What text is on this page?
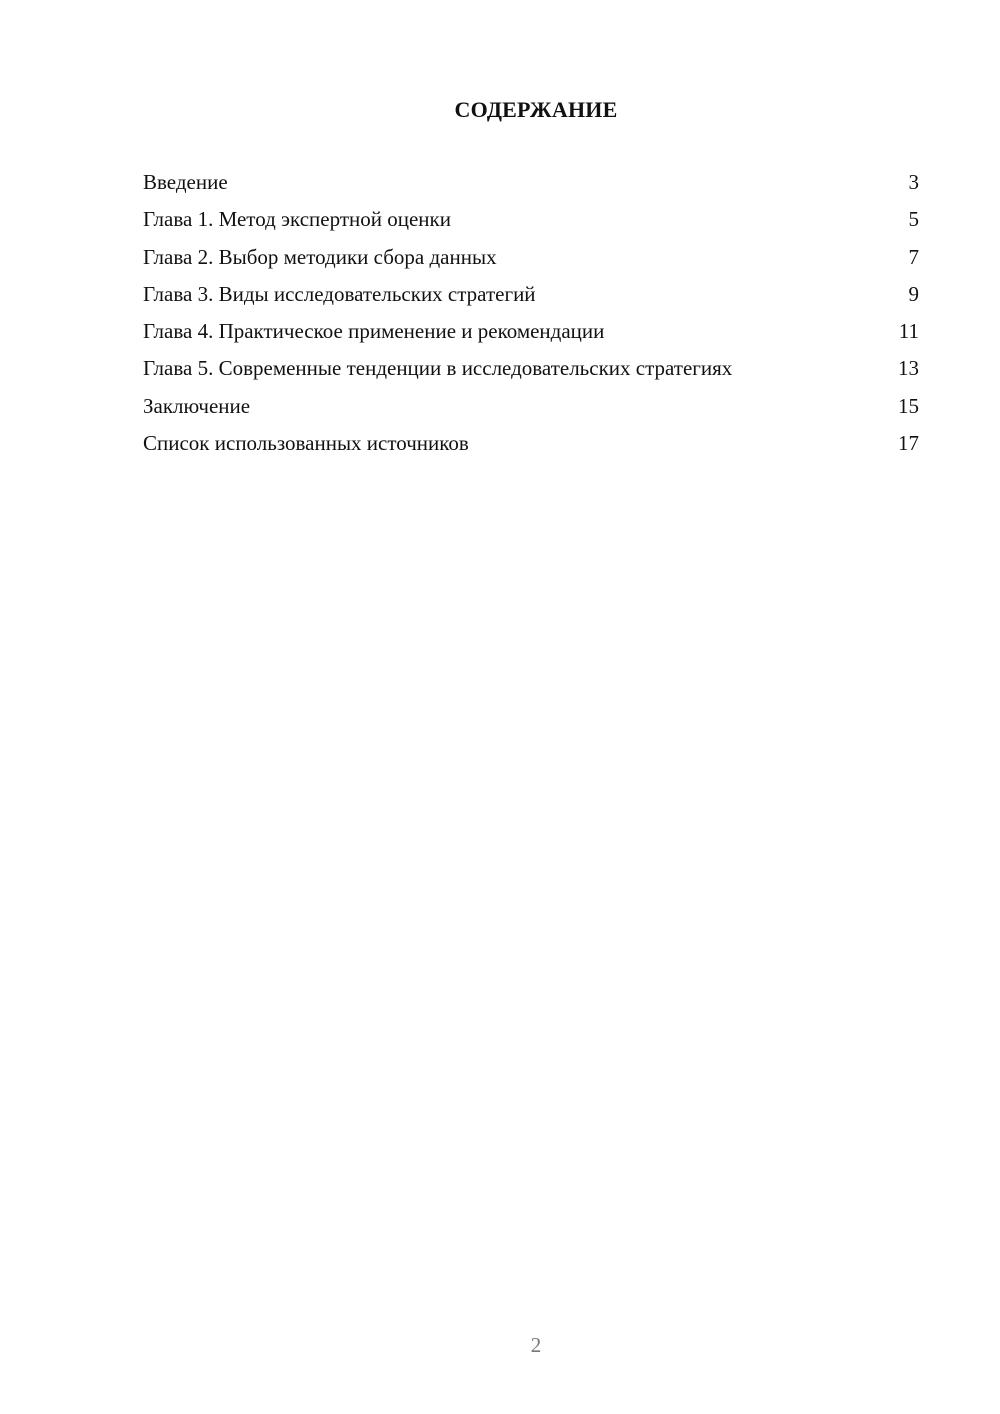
СОДЕРЖАНИЕ
Введение	3
Глава 1. Метод экспертной оценки	5
Глава 2. Выбор методики сбора данных	7
Глава 3. Виды исследовательских стратегий	9
Глава 4. Практическое применение и рекомендации	11
Глава 5. Современные тенденции в исследовательских стратегиях	13
Заключение	15
Список использованных источников	17
2
